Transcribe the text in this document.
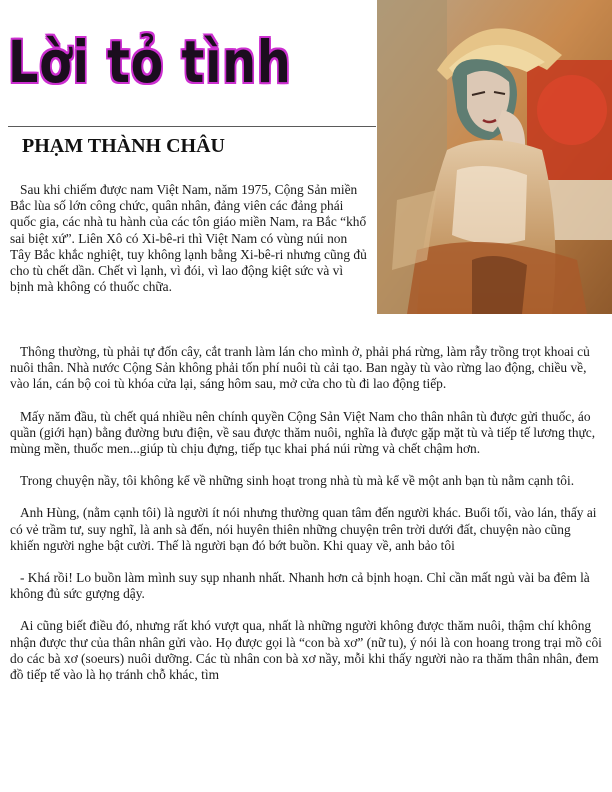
Lời tỏ tình
PHẠM THÀNH CHÂU

Sau khi chiếm được nam Việt Nam, năm 1975, Cộng Sản miền Bắc lùa số lớn công chức, quân nhân, đảng viên các đảng phái quốc gia, các nhà tu hành của các tôn giáo miền Nam, ra Bắc “khổ sai biệt xứ”. Liên Xô có Xi-bê-ri thì Việt Nam có vùng núi non Tây Bắc khắc nghiệt, tuy không lạnh bằng Xi-bê-ri nhưng cũng đủ cho tù chết dần. Chết vì lạnh, vì đói, vì lao động kiệt sức và vì bịnh mà không có thuốc chữa.

Thông thường, tù phải tự đốn cây, cắt tranh làm lán cho mình ở, phải phá rừng, làm rẫy trồng trọt khoai củ nuôi thân. Nhà nước Cộng Sản không phải tốn phí nuôi tù cải tạo. Ban ngày tù vào rừng lao động, chiều về, vào lán, cán bộ coi tù khóa cửa lại, sáng hôm sau, mở cửa cho tù đi lao động tiếp.

Mấy năm đầu, tù chết quá nhiều nên chính quyền Cộng Sản Việt Nam cho thân nhân tù được gửi thuốc, áo quần (giới hạn) bằng đường bưu điện, về sau được thăm nuôi, nghĩa là được gặp mặt tù và tiếp tế lương thực, mùng mền, thuốc men...giúp tù chịu đựng, tiếp tục khai phá núi rừng và chết chậm hơn.

Trong chuyện nầy, tôi không kể về những sinh hoạt trong nhà tù mà kể về một anh bạn tù nằm cạnh tôi.

Anh Hùng, (nằm cạnh tôi) là người ít nói nhưng thường quan tâm đến người khác. Buổi tối, vào lán, thấy ai có vẻ trầm tư, suy nghĩ, là anh sà đến, nói huyên thiên những chuyện trên trời dưới đất, chuyện nào cũng khiến người nghe bật cười. Thế là người bạn đó bớt buồn. Khi quay về, anh bảo tôi

- Khá rồi! Lo buồn làm mình suy sụp nhanh nhất. Nhanh hơn cả bịnh hoạn. Chỉ cần mất ngủ vài ba đêm là không đủ sức gượng dậy.

Ai cũng biết điều đó, nhưng rất khó vượt qua, nhất là những người không được thăm nuôi, thậm chí không nhận được thư của thân nhân gửi vào. Họ được gọi là “con bà xơ” (nữ tu), ý nói là con hoang trong trại mồ côi do các bà xơ (soeurs) nuôi dưỡng. Các tù nhân con bà xơ nầy, mỗi khi thấy người nào ra thăm thân nhân, đem đồ tiếp tế vào là họ tránh chỗ khác, tìm
